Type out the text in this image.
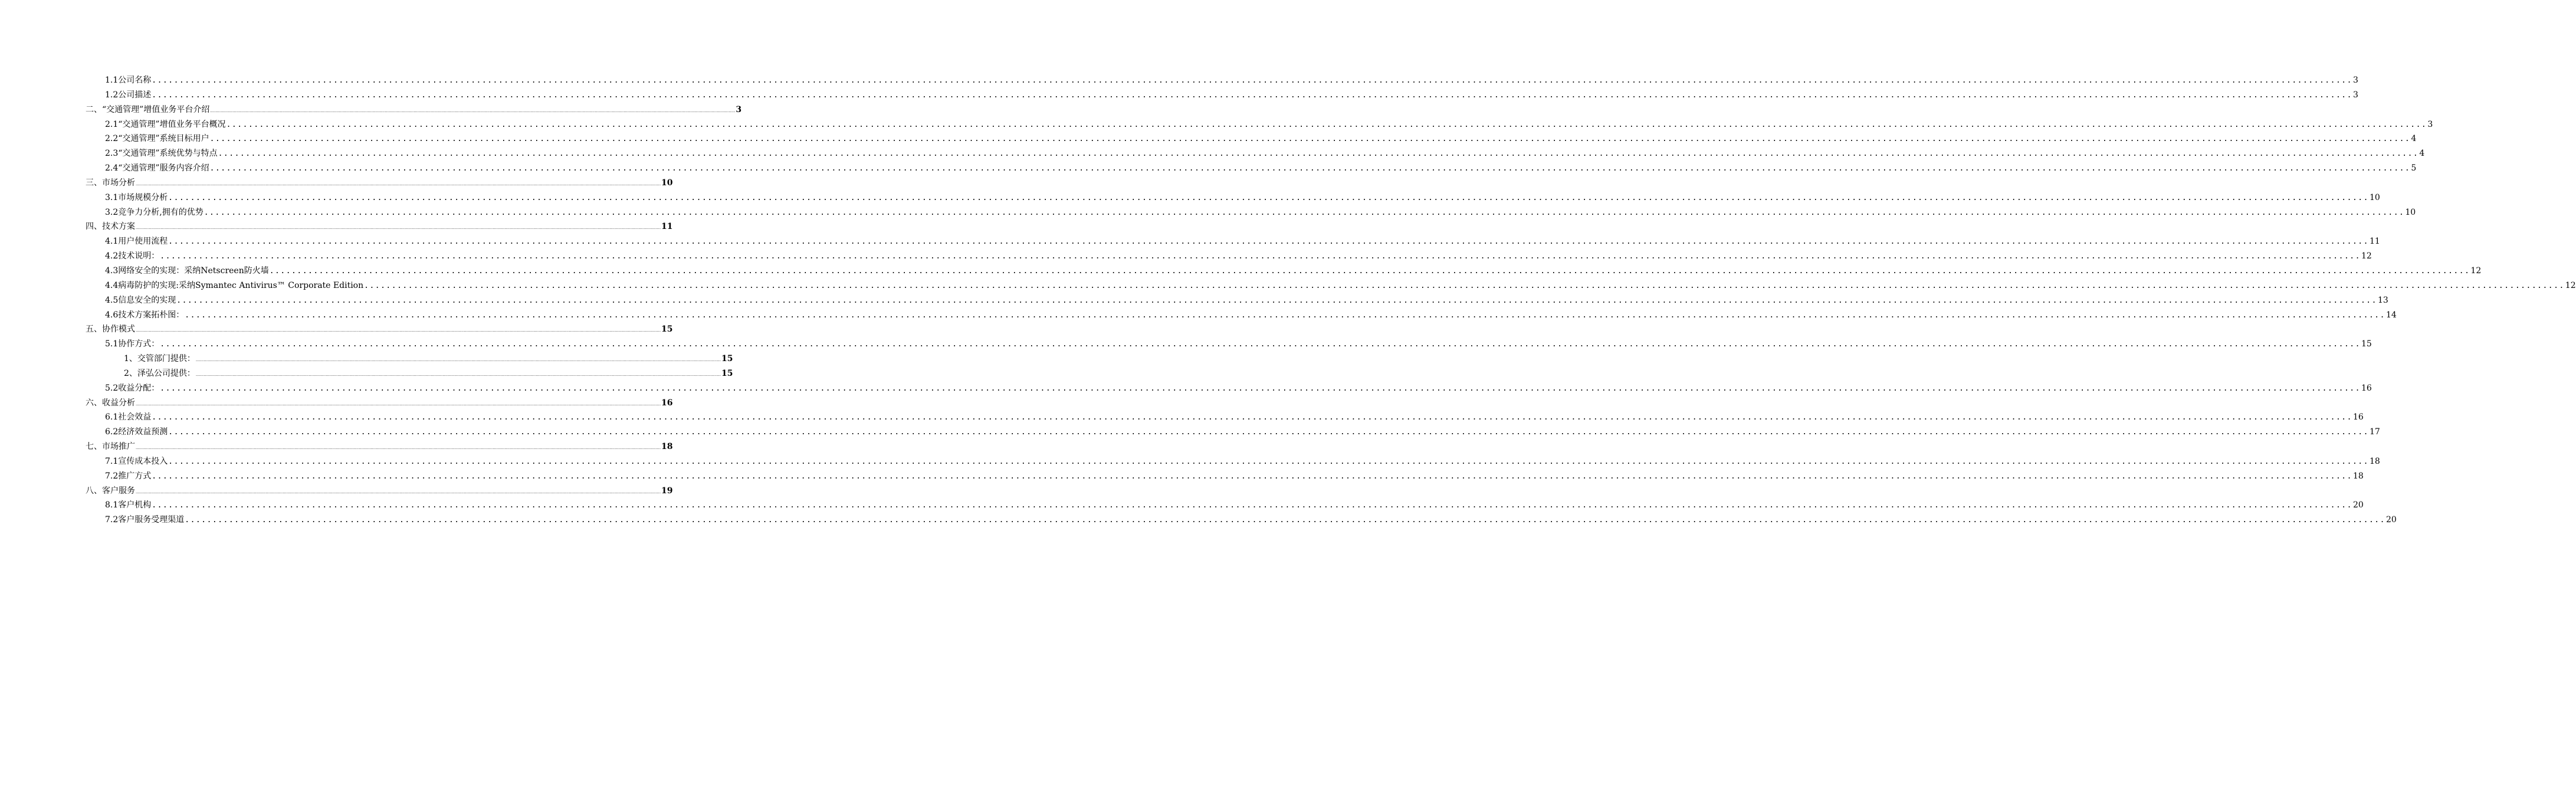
1.1公司名称 ................................................................................................................................................................................................................................................................................................................................................................................................................ 3
1.2公司描述 ................................................................................................................................................................................................................................................................................................................................................................................................................ 3
二、“交通管理”增值业务平台介绍 ................................................................................................................................................................................................................................................................................................................................................................................................................ 3
2.1“交通管理”增值业务平台概况 ................................................................................................................................................................................................................................................................................................................................................................................................................ 3
2.2“交通管理”系统目标用户 ................................................................................................................................................................................................................................................................................................................................................................................................................ 4
2.3“交通管理”系统优势与特点 ................................................................................................................................................................................................................................................................................................................................................................................................................ 4
2.4“交通管理”服务内容介绍 ................................................................................................................................................................................................................................................................................................................................................................................................................ 5
三、市场分析 ................................................................................................................................................................................................................................................................................................................................................................................................................ 10
3.1市场规模分析 ................................................................................................................................................................................................................................................................................................................................................................................................................ 10
3.2竞争力分析,拥有的优势 ................................................................................................................................................................................................................................................................................................................................................................................................................ 10
四、技术方案 ................................................................................................................................................................................................................................................................................................................................................................................................................ 11
4.1用户使用流程 ................................................................................................................................................................................................................................................................................................................................................................................................................ 11
4.2技术说明： ................................................................................................................................................................................................................................................................................................................................................................................................................ 12
4.3网络安全的实现：采纳Netscreen防火墙 ................................................................................................................................................................................................................................................................................................................................................................................................................ 12
4.4病毒防护的实现:采纳Symantec Antivirus™ Corporate Edition ................................................................................................................................................................................................................................................................................................................................................................................................................ 12
4.5信息安全的实现 ................................................................................................................................................................................................................................................................................................................................................................................................................ 13
4.6技术方案拓朴图： ................................................................................................................................................................................................................................................................................................................................................................................................................ 14
五、协作模式 ................................................................................................................................................................................................................................................................................................................................................................................................................ 15
5.1协作方式： ................................................................................................................................................................................................................................................................................................................................................................................................................ 15
1、交管部门提供： ................................................................................................................................................................................................................................................................................................................................................................................................................ 15
2、泽弘公司提供： ................................................................................................................................................................................................................................................................................................................................................................................................................ 15
5.2收益分配： ................................................................................................................................................................................................................................................................................................................................................................................................................ 16
六、收益分析 ................................................................................................................................................................................................................................................................................................................................................................................................................ 16
6.1社会效益 ................................................................................................................................................................................................................................................................................................................................................................................................................ 16
6.2经济效益预测 ................................................................................................................................................................................................................................................................................................................................................................................................................ 17
七、市场推广 ................................................................................................................................................................................................................................................................................................................................................................................................................ 18
7.1宣传成本投入 ................................................................................................................................................................................................................................................................................................................................................................................................................ 18
7.2推广方式 ................................................................................................................................................................................................................................................................................................................................................................................................................ 18
八、客户服务 ................................................................................................................................................................................................................................................................................................................................................................................................................ 19
8.1客户机构 ................................................................................................................................................................................................................................................................................................................................................................................................................ 20
7.2客户服务受理渠道 ................................................................................................................................................................................................................................................................................................................................................................................................................ 20
